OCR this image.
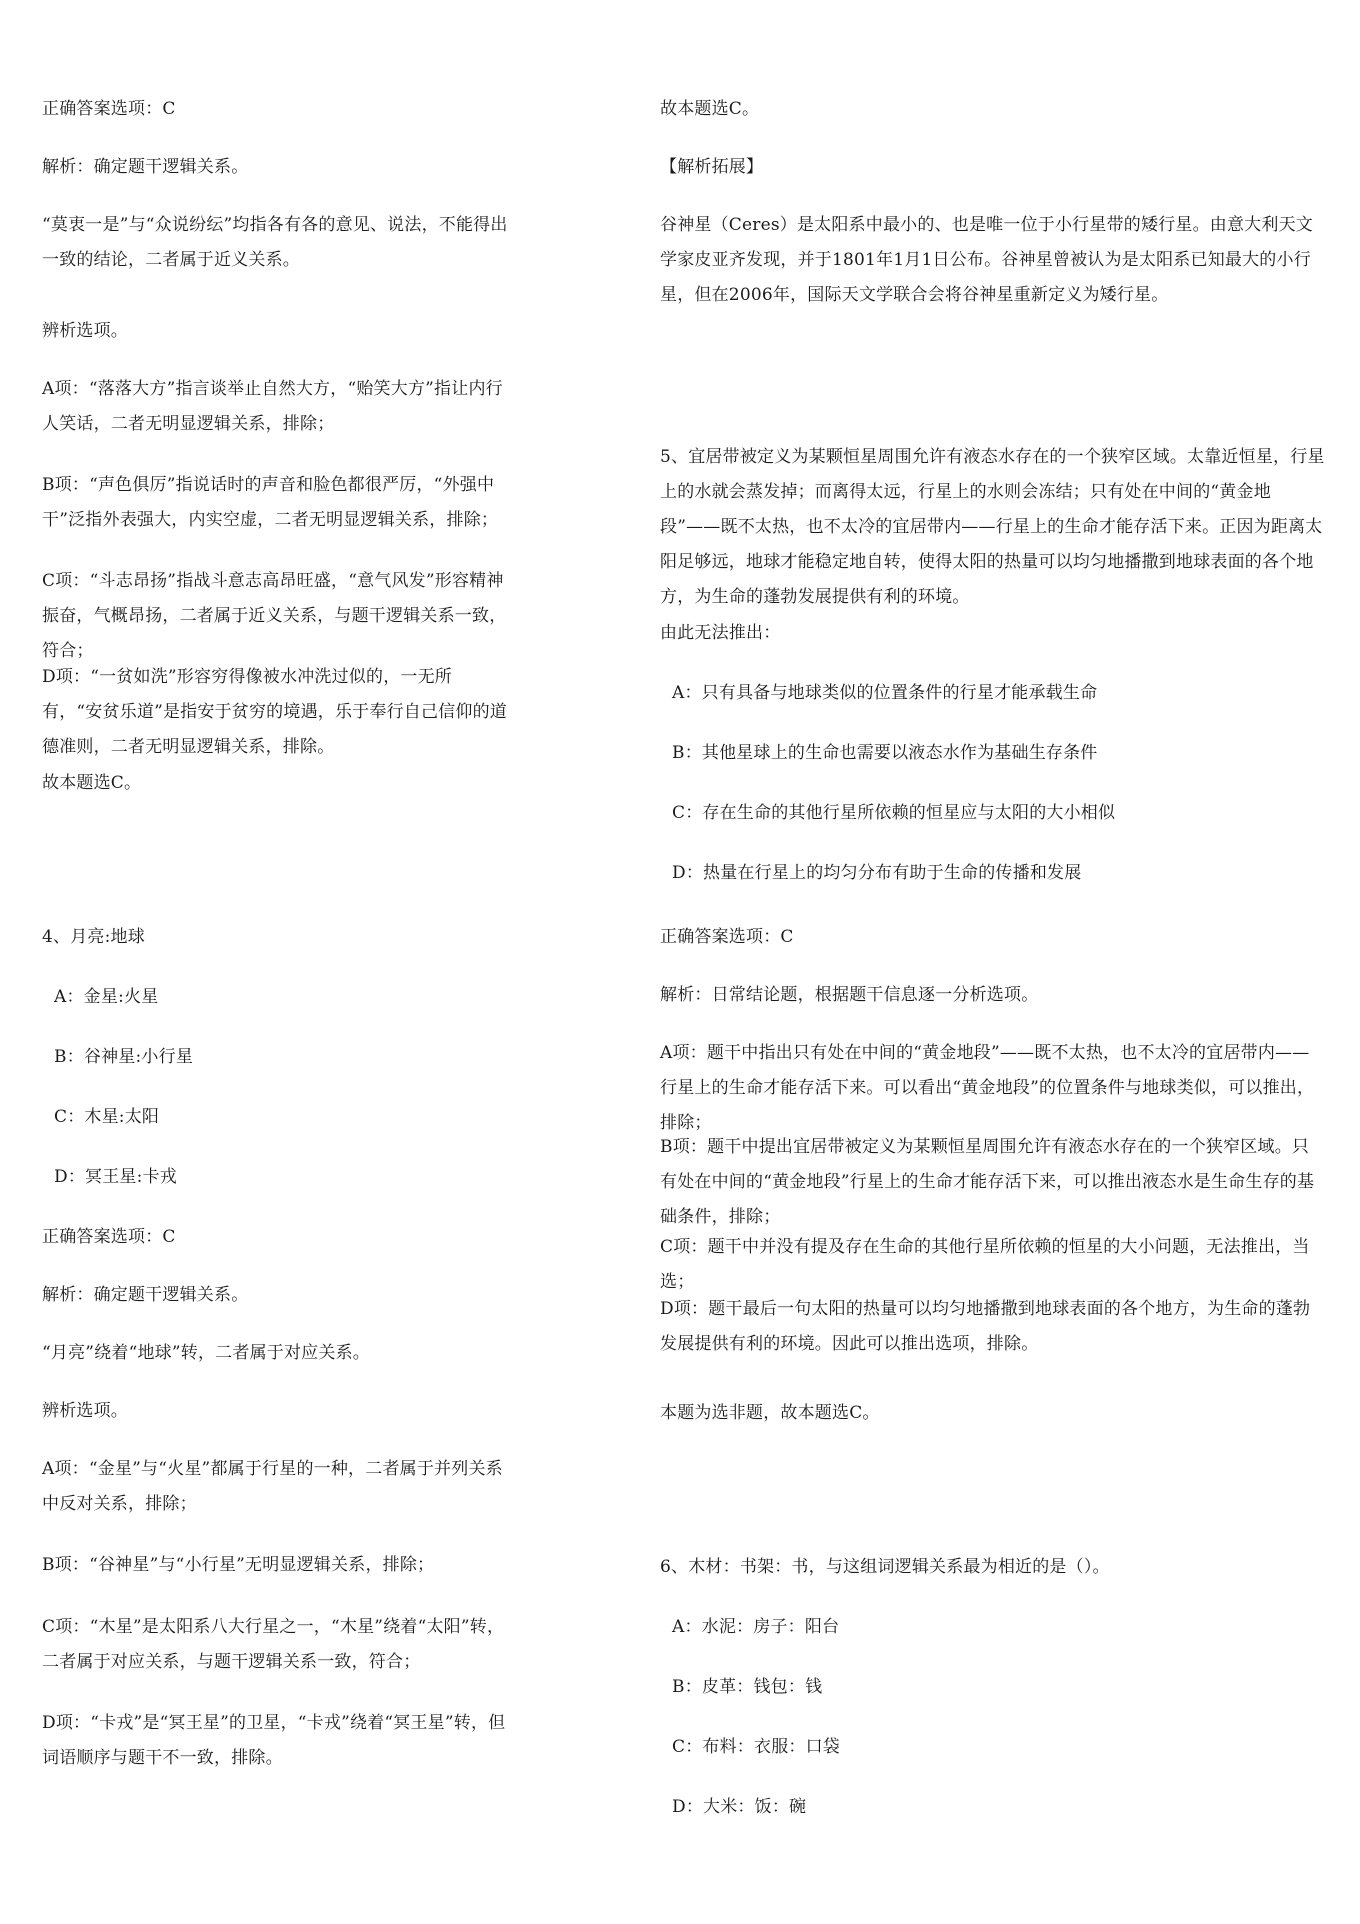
正确答案选项：C
解析：确定题干逻辑关系。
“莫衷一是”与“众说纷纭”均指各有各的意见、说法，不能得出一致的结论，二者属于近义关系。
辨析选项。
A项：“落落大方”指言谈举止自然大方，“贻笑大方”指让内行人笑话，二者无明显逻辑关系，排除；
B项：“声色俱厉”指说话时的声音和脸色都很严厉，“外强中干”泛指外表强大，内实空虚，二者无明显逻辑关系，排除；
C项：“斗志昂扬”指战斗意志高昂旺盛，“意气风发”形容精神振奋，气概昂扬，二者属于近义关系，与题干逻辑关系一致，符合；
D项：“一贫如洗”形容穷得像被水冲洗过似的，一无所有，“安贫乐道”是指安于贫穷的境遇，乐于奉行自己信仰的道德准则，二者无明显逻辑关系，排除。
故本题选C。
4、月亮:地球
A：金星:火星
B：谷神星:小行星
C：木星:太阳
D：冥王星:卡戎
正确答案选项：C
解析：确定题干逻辑关系。
“月亮”绕着“地球”转，二者属于对应关系。
辨析选项。
A项：“金星”与“火星”都属于行星的一种，二者属于并列关系中反对关系，排除；
B项：“谷神星”与“小行星”无明显逻辑关系，排除；
C项：“木星”是太阳系八大行星之一，“木星”绕着“太阳”转，二者属于对应关系，与题干逻辑关系一致，符合；
D项：“卡戎”是“冥王星”的卫星，“卡戎”绕着“冥王星”转，但词语顺序与题干不一致，排除。
故本题选C。
【解析拓展】
谷神星（Ceres）是太阳系中最小的、也是唯一位于小行星带的矮行星。由意大利天文学家皮亚齐发现，并于1801年1月1日公布。谷神星曾被认为是太阳系已知最大的小行星，但在2006年，国际天文学联合会将谷神星重新定义为矮行星。
5、宜居带被定义为某颗恒星周围允许有液态水存在的一个狭窄区域。太靠近恒星，行星上的水就会蒸发掉；而离得太远，行星上的水则会冻结；只有处在中间的“黄金地段”——既不太热，也不太冷的宜居带内——行星上的生命才能存活下来。正因为距离太阳足够远，地球才能稳定地自转，使得太阳的热量可以均匀地播撒到地球表面的各个地方，为生命的蓬勃发展提供有利的环境。
由此无法推出：
A：只有具备与地球类似的位置条件的行星才能承载生命
B：其他星球上的生命也需要以液态水作为基础生存条件
C：存在生命的其他行星所依赖的恒星应与太阳的大小相似
D：热量在行星上的均匀分布有助于生命的传播和发展
正确答案选项：C
解析：日常结论题，根据题干信息逐一分析选项。
A项：题干中指出只有处在中间的“黄金地段”——既不太热，也不太冷的宜居带内——行星上的生命才能存活下来。可以看出“黄金地段”的位置条件与地球类似，可以推出，排除；
B项：题干中提出宜居带被定义为某颗恒星周围允许有液态水存在的一个狭窄区域。只有处在中间的“黄金地段”行星上的生命才能存活下来，可以推出液态水是生命生存的基础条件，排除；
C项：题干中并没有提及存在生命的其他行星所依赖的恒星的大小问题，无法推出，当选；
D项：题干最后一句太阳的热量可以均匀地播撒到地球表面的各个地方，为生命的蓬勃发展提供有利的环境。因此可以推出选项，排除。
本题为选非题，故本题选C。
6、木材：书架：书，与这组词逻辑关系最为相近的是（）。
A：水泥：房子：阳台
B：皮革：钱包：钱
C：布料：衣服：口袋
D：大米：饭：碗
